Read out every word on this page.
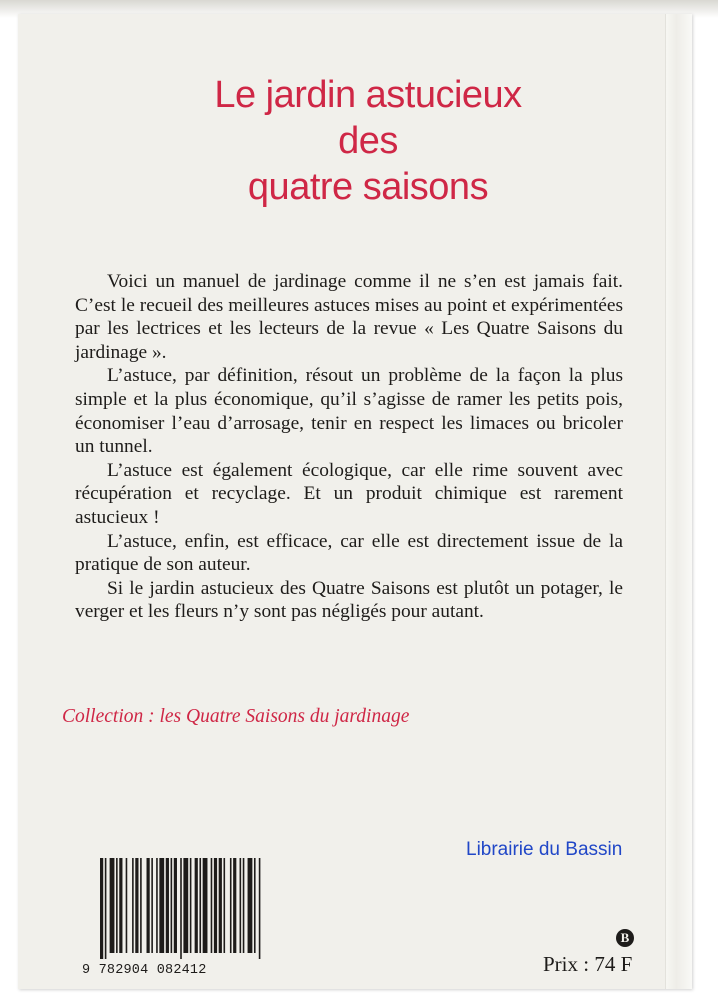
Le jardin astucieux
des
quatre saisons

Voici un manuel de jardinage comme il ne s’en est jamais fait. C’est le recueil des meilleures astuces mises au point et expérimentées par les lectrices et les lecteurs de la revue « Les Quatre Saisons du jardinage ».

L’astuce, par définition, résout un problème de la façon la plus simple et la plus économique, qu’il s’agisse de ramer les petits pois, économiser l’eau d’arrosage, tenir en respect les limaces ou bricoler un tunnel.

L’astuce est également écologique, car elle rime souvent avec récupération et recyclage. Et un produit chimique est rarement astucieux !

L’astuce, enfin, est efficace, car elle est directement issue de la pratique de son auteur.

Si le jardin astucieux des Quatre Saisons est plutôt un potager, le verger et les fleurs n’y sont pas négligés pour autant.

Collection : les Quatre Saisons du jardinage

Librairie du Bassin
9 782904 082412
B
Prix : 74 F
